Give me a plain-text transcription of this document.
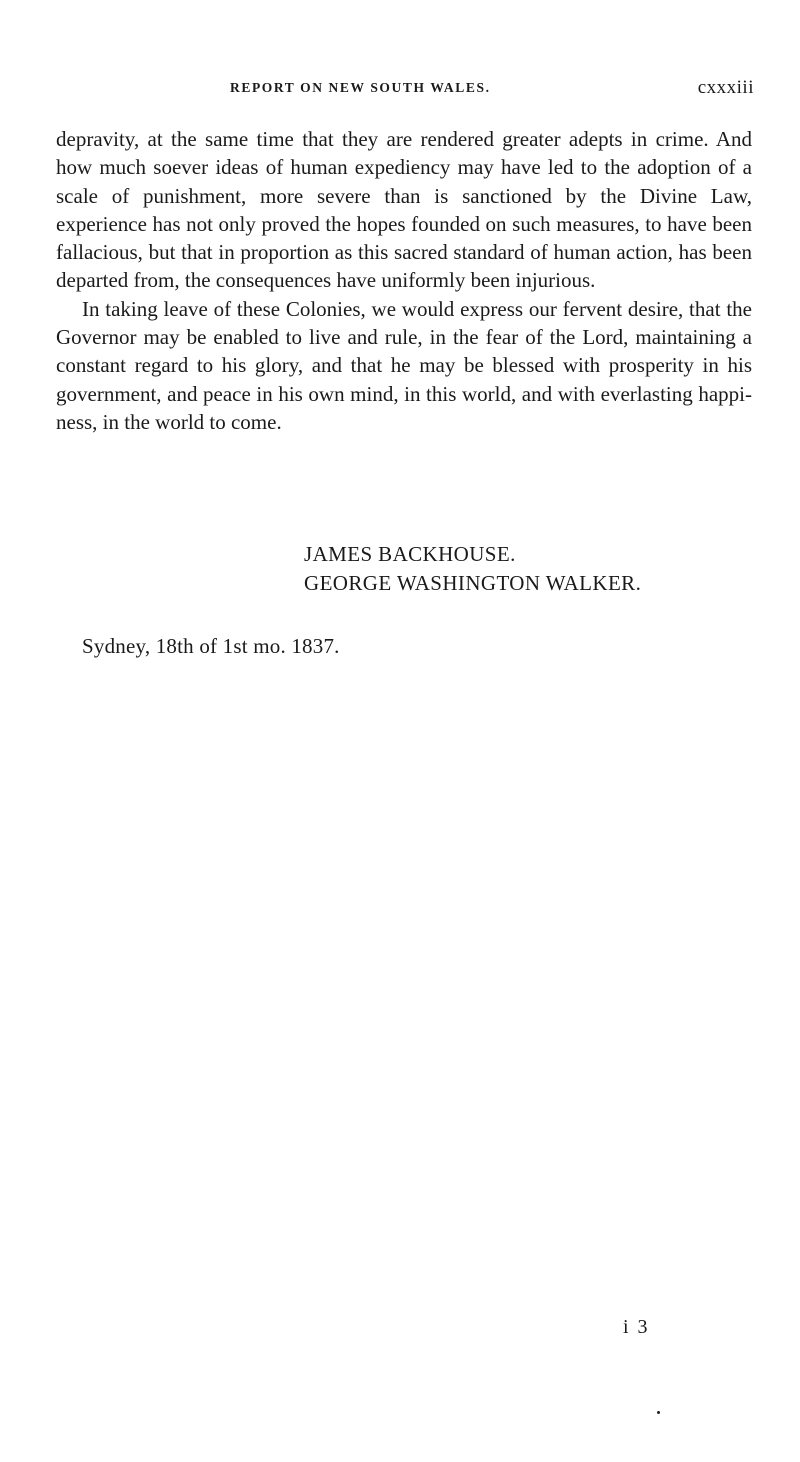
REPORT ON NEW SOUTH WALES.	cxxxiii

depravity, at the same time that they are rendered greater adepts in crime. And how much soever ideas of human expediency may have led to the adoption of a scale of punishment, more severe than is sanctioned by the Divine Law, experience has not only proved the hopes founded on such measures, to have been fallacious, but that in proportion as this sacred standard of human action, has been departed from, the consequences have uniformly been injurious.

In taking leave of these Colonies, we would express our fervent desire, that the Governor may be enabled to live and rule, in the fear of the Lord, maintaining a constant regard to his glory, and that he may be blessed with prosperity in his government, and peace in his own mind, in this world, and with everlasting happiness, in the world to come.

JAMES BACKHOUSE.
GEORGE WASHINGTON WALKER.
Sydney, 18th of 1st mo. 1837.
i 3
